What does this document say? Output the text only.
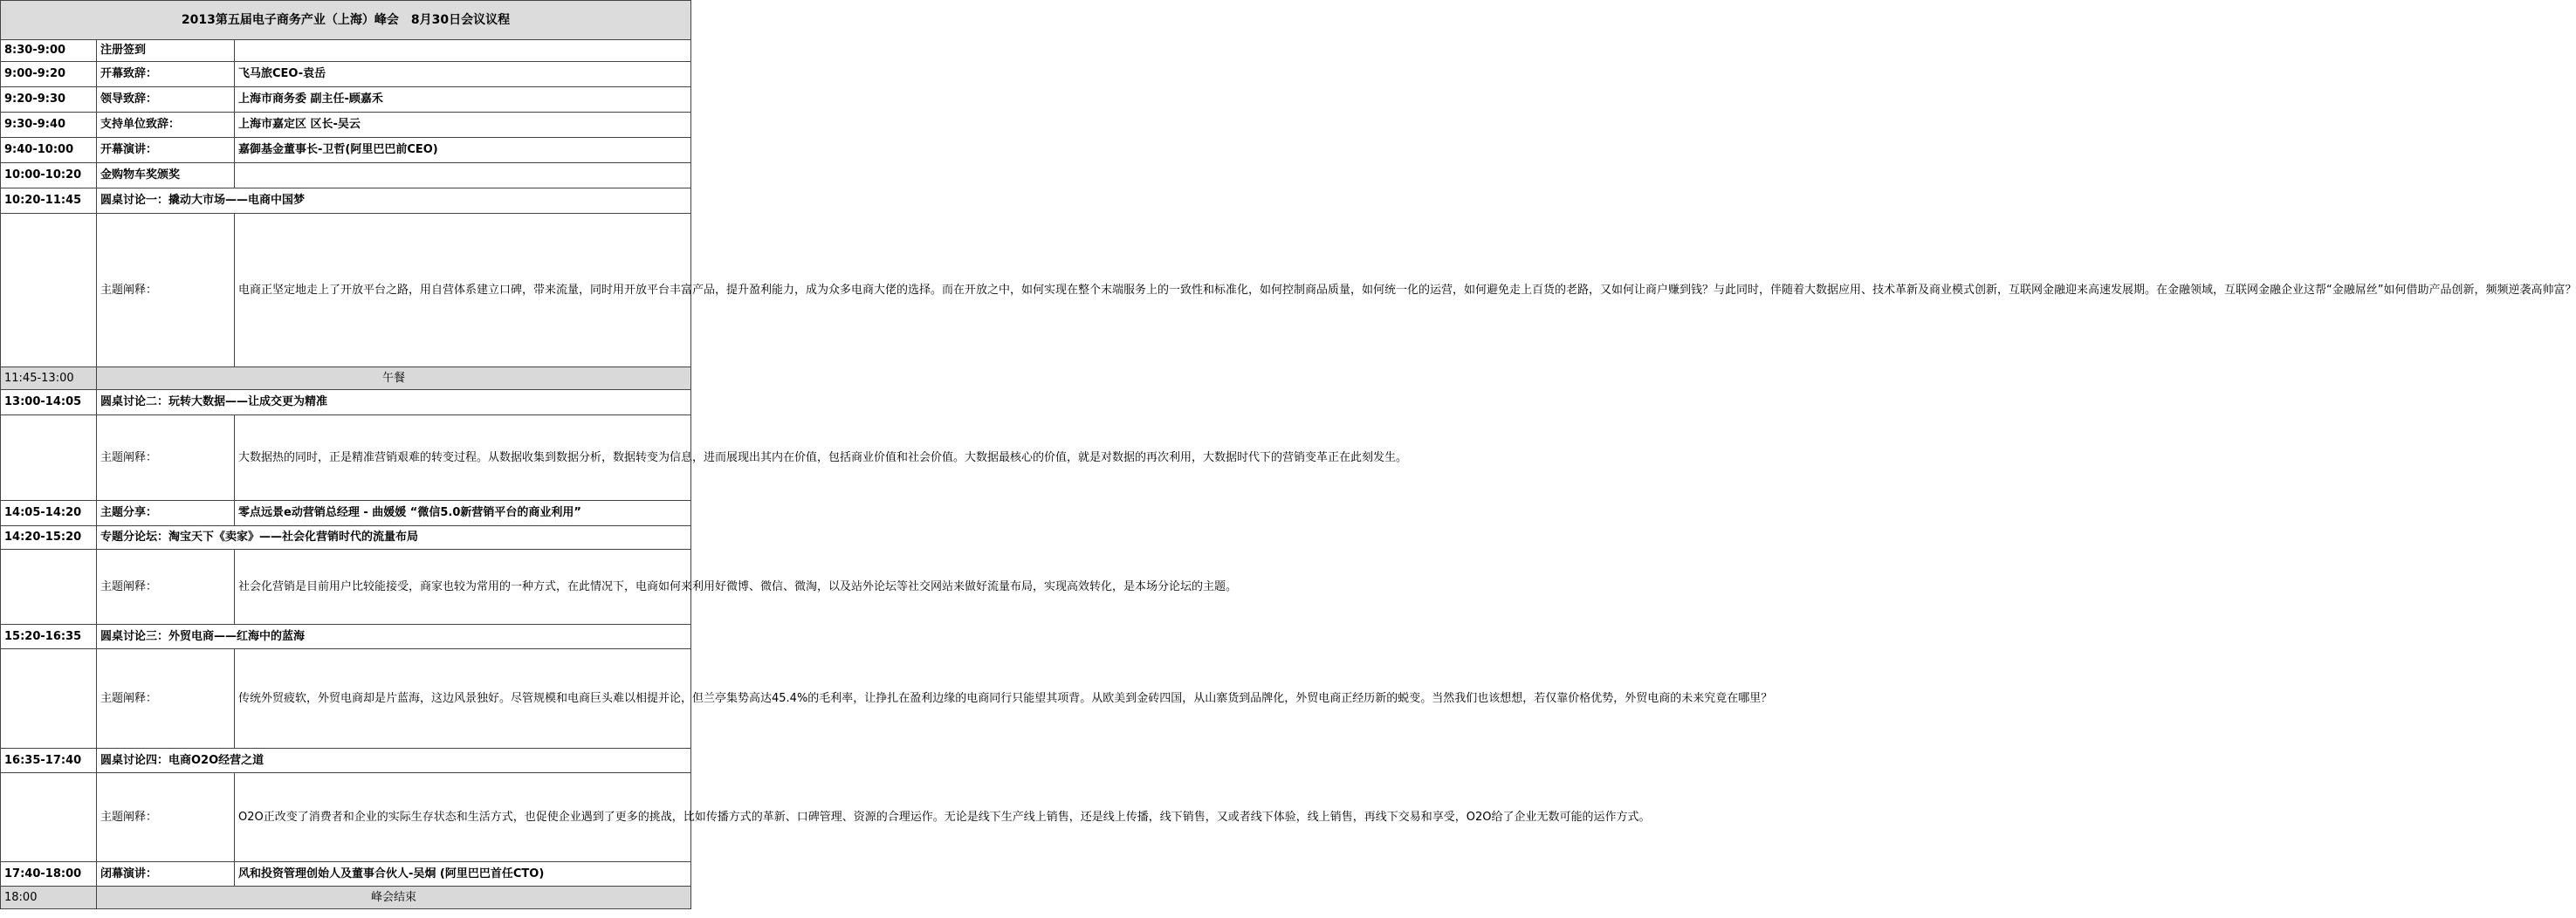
2013第五届电子商务产业（上海）峰会　8月30日会议议程		
8:30-9:00	注册签到	
9:00-9:20	开幕致辞：	飞马旅CEO-袁岳
9:20-9:30	领导致辞：	上海市商务委 副主任-顾嘉禾
9:30-9:40	支持单位致辞：	上海市嘉定区 区长-吴云
9:40-10:00	开幕演讲：	嘉御基金董事长-卫哲(阿里巴巴前CEO)
10:00-10:20	金购物车奖颁奖	
10:20-11:45	圆桌讨论一：撬动大市场——电商中国梦	
	主题阐释：	电商正坚定地走上了开放平台之路，用自营体系建立口碑，带来流量，同时用开放平台丰富产品，提升盈利能力，成为众多电商大佬的选择。而在开放之中，如何实现在整个末端服务上的一致性和标准化，如何控制商品质量，如何统一化的运营，如何避免走上百货的老路，又如何让商户赚到钱？与此同时，伴随着大数据应用、技术革新及商业模式创新，互联网金融迎来高速发展期。在金融领域，互联网金融企业这帮“金融屌丝”如何借助产品创新，频频逆袭高帅富？
11:45-13:00	午餐	
13:00-14:05	圆桌讨论二：玩转大数据——让成交更为精准	
	主题阐释：	大数据热的同时，正是精准营销艰难的转变过程。从数据收集到数据分析，数据转变为信息，进而展现出其内在价值，包括商业价值和社会价值。大数据最核心的价值，就是对数据的再次利用，大数据时代下的营销变革正在此刻发生。
14:05-14:20	主题分享：	零点远景e动营销总经理 - 曲媛媛 “微信5.0新营销平台的商业利用”
14:20-15:20	专题分论坛：淘宝天下《卖家》——社会化营销时代的流量布局	
	主题阐释：	社会化营销是目前用户比较能接受，商家也较为常用的一种方式，在此情况下，电商如何来利用好微博、微信、微淘，以及站外论坛等社交网站来做好流量布局，实现高效转化，是本场分论坛的主题。
15:20-16:35	圆桌讨论三：外贸电商——红海中的蓝海	
	主题阐释：	传统外贸疲软，外贸电商却是片蓝海，这边风景独好。尽管规模和电商巨头难以相提并论，但兰亭集势高达45.4%的毛利率，让挣扎在盈利边缘的电商同行只能望其项背。从欧美到金砖四国，从山寨货到品牌化，外贸电商正经历新的蜕变。当然我们也该想想，若仅靠价格优势，外贸电商的未来究竟在哪里？
16:35-17:40	圆桌讨论四：电商O2O经营之道	
	主题阐释：	O2O正改变了消费者和企业的实际生存状态和生活方式，也促使企业遇到了更多的挑战，比如传播方式的革新、口碑管理、资源的合理运作。无论是线下生产线上销售，还是线上传播，线下销售，又或者线下体验，线上销售，再线下交易和享受，O2O给了企业无数可能的运作方式。
17:40-18:00	闭幕演讲：	风和投资管理创始人及董事合伙人-吴炯 (阿里巴巴首任CTO)
18:00	峰会结束	
